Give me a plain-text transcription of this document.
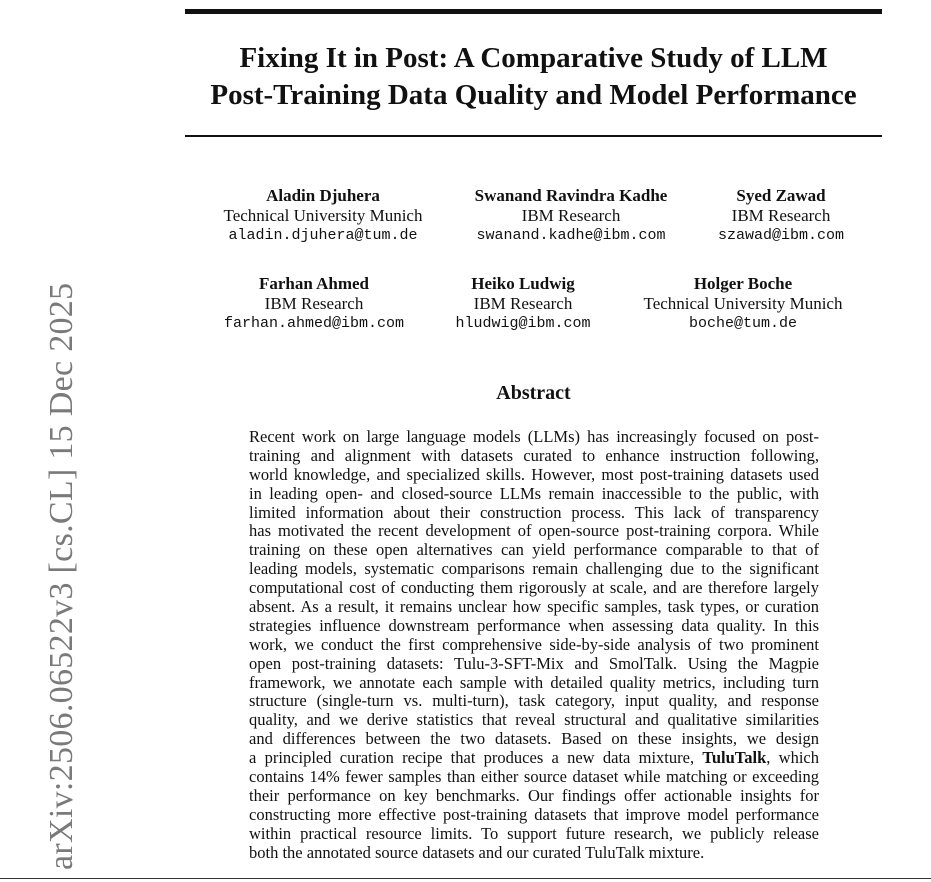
Fixing It in Post: A Comparative Study of LLM
Post-Training Data Quality and Model Performance
Aladin Djuhera
Technical University Munich
aladin.djuhera@tum.de
Swanand Ravindra Kadhe
IBM Research
swanand.kadhe@ibm.com
Syed Zawad
IBM Research
szawad@ibm.com
Farhan Ahmed
IBM Research
farhan.ahmed@ibm.com
Heiko Ludwig
IBM Research
hludwig@ibm.com
Holger Boche
Technical University Munich
boche@tum.de
Abstract
Recent work on large language models (LLMs) has increasingly focused on post-
training and alignment with datasets curated to enhance instruction following,
world knowledge, and specialized skills. However, most post-training datasets used
in leading open- and closed-source LLMs remain inaccessible to the public, with
limited information about their construction process. This lack of transparency
has motivated the recent development of open-source post-training corpora. While
training on these open alternatives can yield performance comparable to that of
leading models, systematic comparisons remain challenging due to the significant
computational cost of conducting them rigorously at scale, and are therefore largely
absent. As a result, it remains unclear how specific samples, task types, or curation
strategies influence downstream performance when assessing data quality. In this
work, we conduct the first comprehensive side-by-side analysis of two prominent
open post-training datasets: Tulu-3-SFT-Mix and SmolTalk. Using the Magpie
framework, we annotate each sample with detailed quality metrics, including turn
structure (single-turn vs. multi-turn), task category, input quality, and response
quality, and we derive statistics that reveal structural and qualitative similarities
and differences between the two datasets. Based on these insights, we design
a principled curation recipe that produces a new data mixture, TuluTalk, which
contains 14% fewer samples than either source dataset while matching or exceeding
their performance on key benchmarks. Our findings offer actionable insights for
constructing more effective post-training datasets that improve model performance
within practical resource limits. To support future research, we publicly release
both the annotated source datasets and our curated TuluTalk mixture.
arXiv:2506.06522v3 [cs.CL] 15 Dec 2025
